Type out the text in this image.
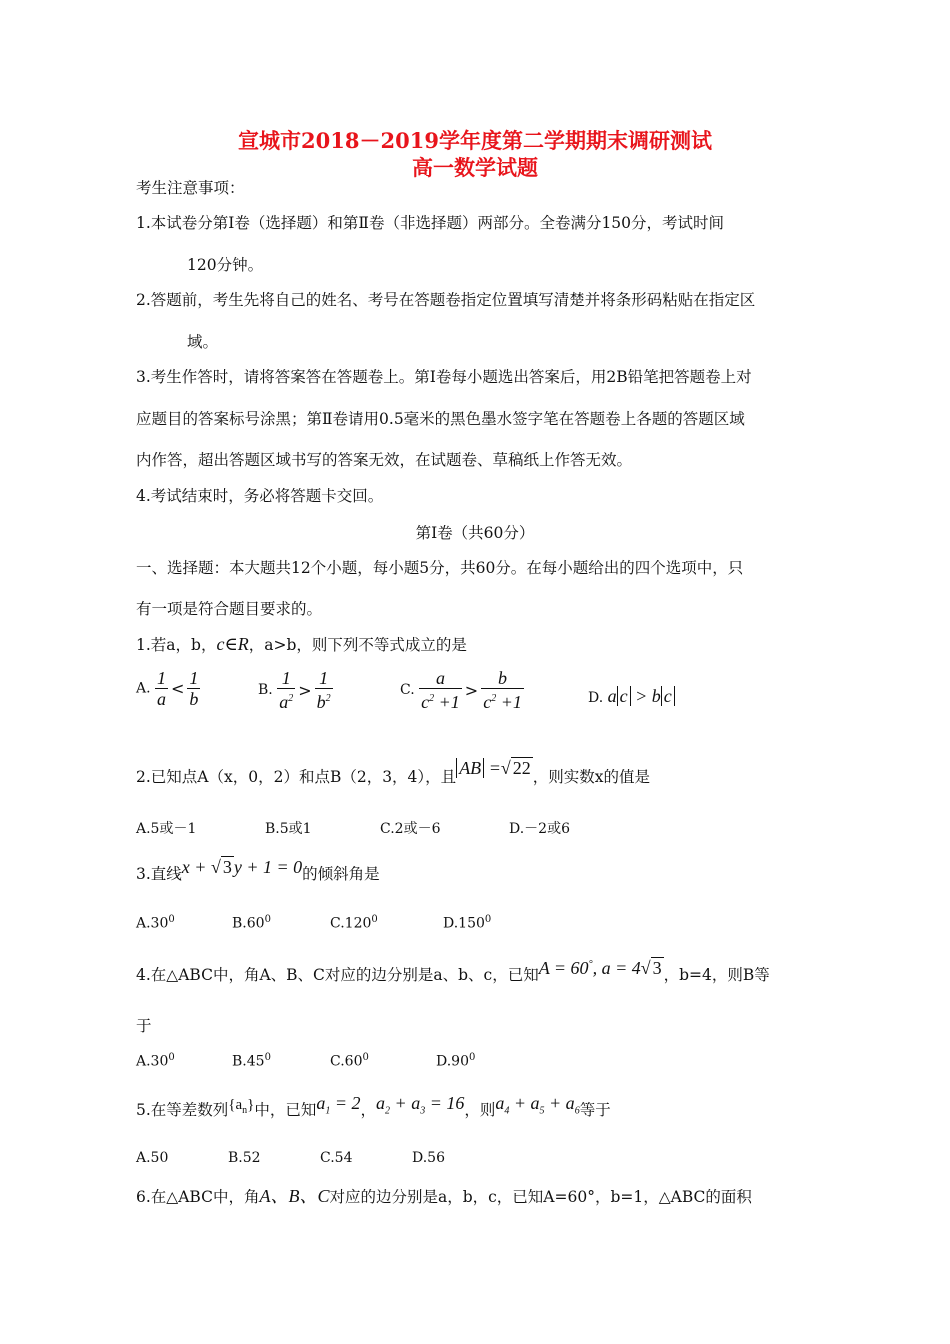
宣城市2018－2019学年度第二学期期末调研测试
高一数学试题
考生注意事项：
1.本试卷分第Ⅰ卷（选择题）和第Ⅱ卷（非选择题）两部分。全卷满分150分，考试时间
120分钟。
2.答题前，考生先将自己的姓名、考号在答题卷指定位置填写清楚并将条形码粘贴在指定区
域。
3.考生作答时，请将答案答在答题卷上。第Ⅰ卷每小题选出答案后，用2B铅笔把答题卷上对
应题目的答案标号涂黑；第Ⅱ卷请用0.5毫米的黑色墨水签字笔在答题卷上各题的答题区域
内作答，超出答题区域书写的答案无效，在试题卷、草稿纸上作答无效。
4.考试结束时，务必将答题卡交回。
第Ⅰ卷（共60分）
一、选择题：本大题共12个小题，每小题5分，共60分。在每小题给出的四个选项中，只
有一项是符合题目要求的。
1.若a，b，c∈R，a>b，则下列不等式成立的是
A. $\frac{1}{a} < \frac{1}{b}$	B. $\frac{1}{a^2} > \frac{1}{b^2}$	C. $\frac{a}{c^2 +1} > \frac{b}{c^2 +1}$	D. a c > b c
2.已知点A（x，0，2）和点B（2，3，4），且 AB =√ 22 ，则实数x的值是
A.5或－1	B.5或1	C.2或－6	D.－2或6
3.直线x + √ 3 y + 1 = 0的倾斜角是
$A.30^0$	$B.60^0$	C.120$^0$	D.150$^0$
4.在△ABC中，角A、B、C对应的边分别是a、b、c，已知A = 60°, a = 4√ 3 ，b=4，则B等
于
$A.30^0$	$B.45^0$	$C.60^0$	$D.90^0$
5.在等差数列$\{a_n\}$中，已知$a_1 = 2$，$a_2 + a_3 = 16$，则$a_4 + a_5 + a_6$等于
A.50	B.52	C.54	D.56
6.在△ABC中，角A、B、C对应的边分别是a，b，c，已知A=60°，b=1，△ABC的面积
